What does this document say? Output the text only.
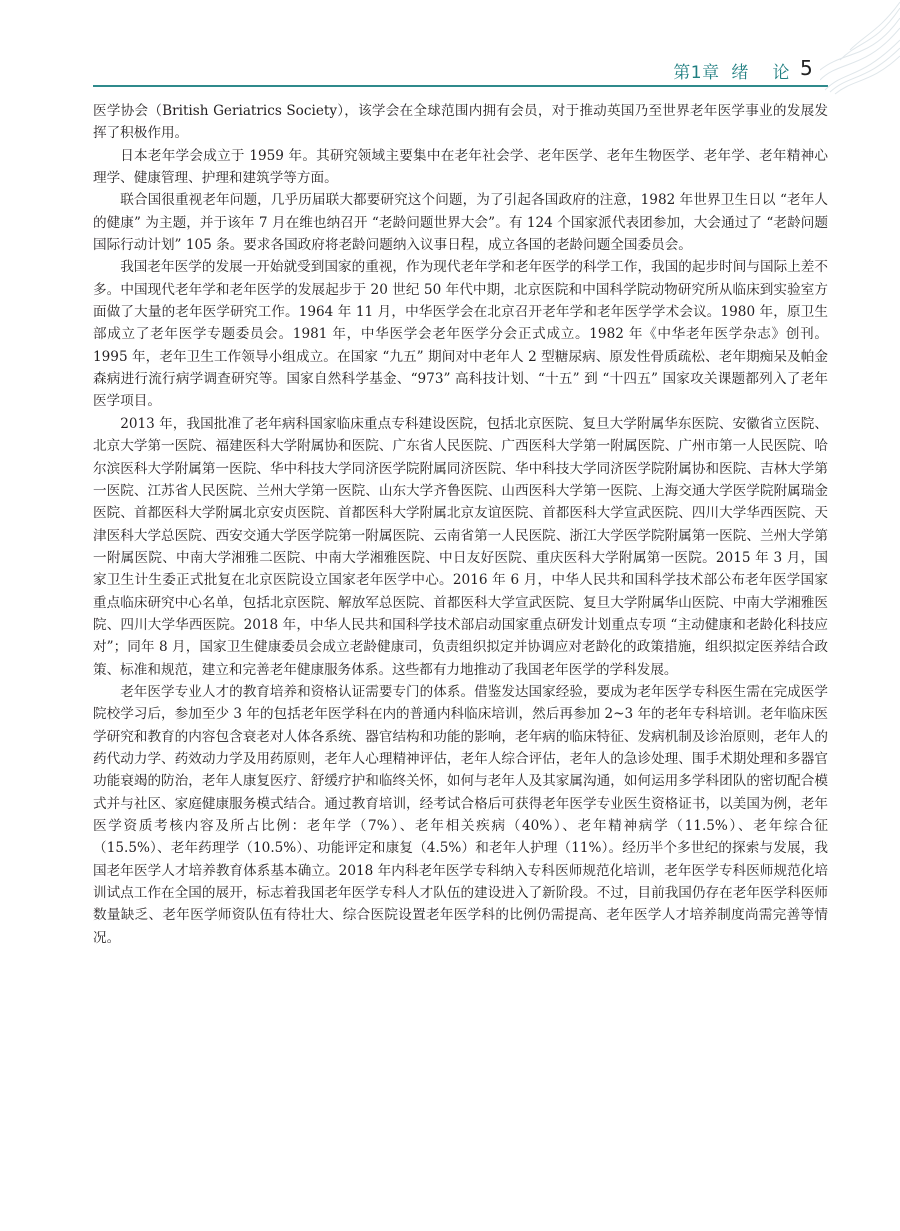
第1章  绪    论 5

医学协会（British Geriatrics Society），该学会在全球范围内拥有会员，对于推动英国乃至世界老年医学事业的发展发挥了积极作用。

日本老年学会成立于 1959 年。其研究领域主要集中在老年社会学、老年医学、老年生物医学、老年学、老年精神心理学、健康管理、护理和建筑学等方面。

联合国很重视老年问题，几乎历届联大都要研究这个问题，为了引起各国政府的注意，1982 年世界卫生日以 “老年人的健康” 为主题，并于该年 7 月在维也纳召开 “老龄问题世界大会”。有 124 个国家派代表团参加，大会通过了 “老龄问题国际行动计划” 105 条。要求各国政府将老龄问题纳入议事日程，成立各国的老龄问题全国委员会。

我国老年医学的发展一开始就受到国家的重视，作为现代老年学和老年医学的科学工作，我国的起步时间与国际上差不多。中国现代老年学和老年医学的发展起步于 20 世纪 50 年代中期，北京医院和中国科学院动物研究所从临床到实验室方面做了大量的老年医学研究工作。1964 年 11 月，中华医学会在北京召开老年学和老年医学学术会议。1980 年，原卫生部成立了老年医学专题委员会。1981 年，中华医学会老年医学分会正式成立。1982 年《中华老年医学杂志》创刊。1995 年，老年卫生工作领导小组成立。在国家 “九五” 期间对中老年人 2 型糖尿病、原发性骨质疏松、老年期痴呆及帕金森病进行流行病学调查研究等。国家自然科学基金、“973” 高科技计划、“十五” 到 “十四五” 国家攻关课题都列入了老年医学项目。

2013 年，我国批准了老年病科国家临床重点专科建设医院，包括北京医院、复旦大学附属华东医院、安徽省立医院、北京大学第一医院、福建医科大学附属协和医院、广东省人民医院、广西医科大学第一附属医院、广州市第一人民医院、哈尔滨医科大学附属第一医院、华中科技大学同济医学院附属同济医院、华中科技大学同济医学院附属协和医院、吉林大学第一医院、江苏省人民医院、兰州大学第一医院、山东大学齐鲁医院、山西医科大学第一医院、上海交通大学医学院附属瑞金医院、首都医科大学附属北京安贞医院、首都医科大学附属北京友谊医院、首都医科大学宣武医院、四川大学华西医院、天津医科大学总医院、西安交通大学医学院第一附属医院、云南省第一人民医院、浙江大学医学院附属第一医院、兰州大学第一附属医院、中南大学湘雅二医院、中南大学湘雅医院、中日友好医院、重庆医科大学附属第一医院。2015 年 3 月，国家卫生计生委正式批复在北京医院设立国家老年医学中心。2016 年 6 月，中华人民共和国科学技术部公布老年医学国家重点临床研究中心名单，包括北京医院、解放军总医院、首都医科大学宣武医院、复旦大学附属华山医院、中南大学湘雅医院、四川大学华西医院。2018 年，中华人民共和国科学技术部启动国家重点研发计划重点专项 “主动健康和老龄化科技应对”；同年 8 月，国家卫生健康委员会成立老龄健康司，负责组织拟定并协调应对老龄化的政策措施，组织拟定医养结合政策、标准和规范，建立和完善老年健康服务体系。这些都有力地推动了我国老年医学的学科发展。

老年医学专业人才的教育培养和资格认证需要专门的体系。借鉴发达国家经验，要成为老年医学专科医生需在完成医学院校学习后，参加至少 3 年的包括老年医学科在内的普通内科临床培训，然后再参加 2~3 年的老年专科培训。老年临床医学研究和教育的内容包含衰老对人体各系统、器官结构和功能的影响，老年病的临床特征、发病机制及诊治原则，老年人的药代动力学、药效动力学及用药原则，老年人心理精神评估，老年人综合评估，老年人的急诊处理、围手术期处理和多器官功能衰竭的防治，老年人康复医疗、舒缓疗护和临终关怀，如何与老年人及其家属沟通，如何运用多学科团队的密切配合模式并与社区、家庭健康服务模式结合。通过教育培训，经考试合格后可获得老年医学专业医生资格证书，以美国为例，老年医学资质考核内容及所占比例：老年学（7%）、老年相关疾病（40%）、老年精神病学（11.5%）、老年综合征（15.5%）、老年药理学（10.5%）、功能评定和康复（4.5%）和老年人护理（11%）。经历半个多世纪的探索与发展，我国老年医学人才培养教育体系基本确立。2018 年内科老年医学专科纳入专科医师规范化培训，老年医学专科医师规范化培训试点工作在全国的展开，标志着我国老年医学专科人才队伍的建设进入了新阶段。不过，目前我国仍存在老年医学科医师数量缺乏、老年医学师资队伍有待壮大、综合医院设置老年医学科的比例仍需提高、老年医学人才培养制度尚需完善等情况。
